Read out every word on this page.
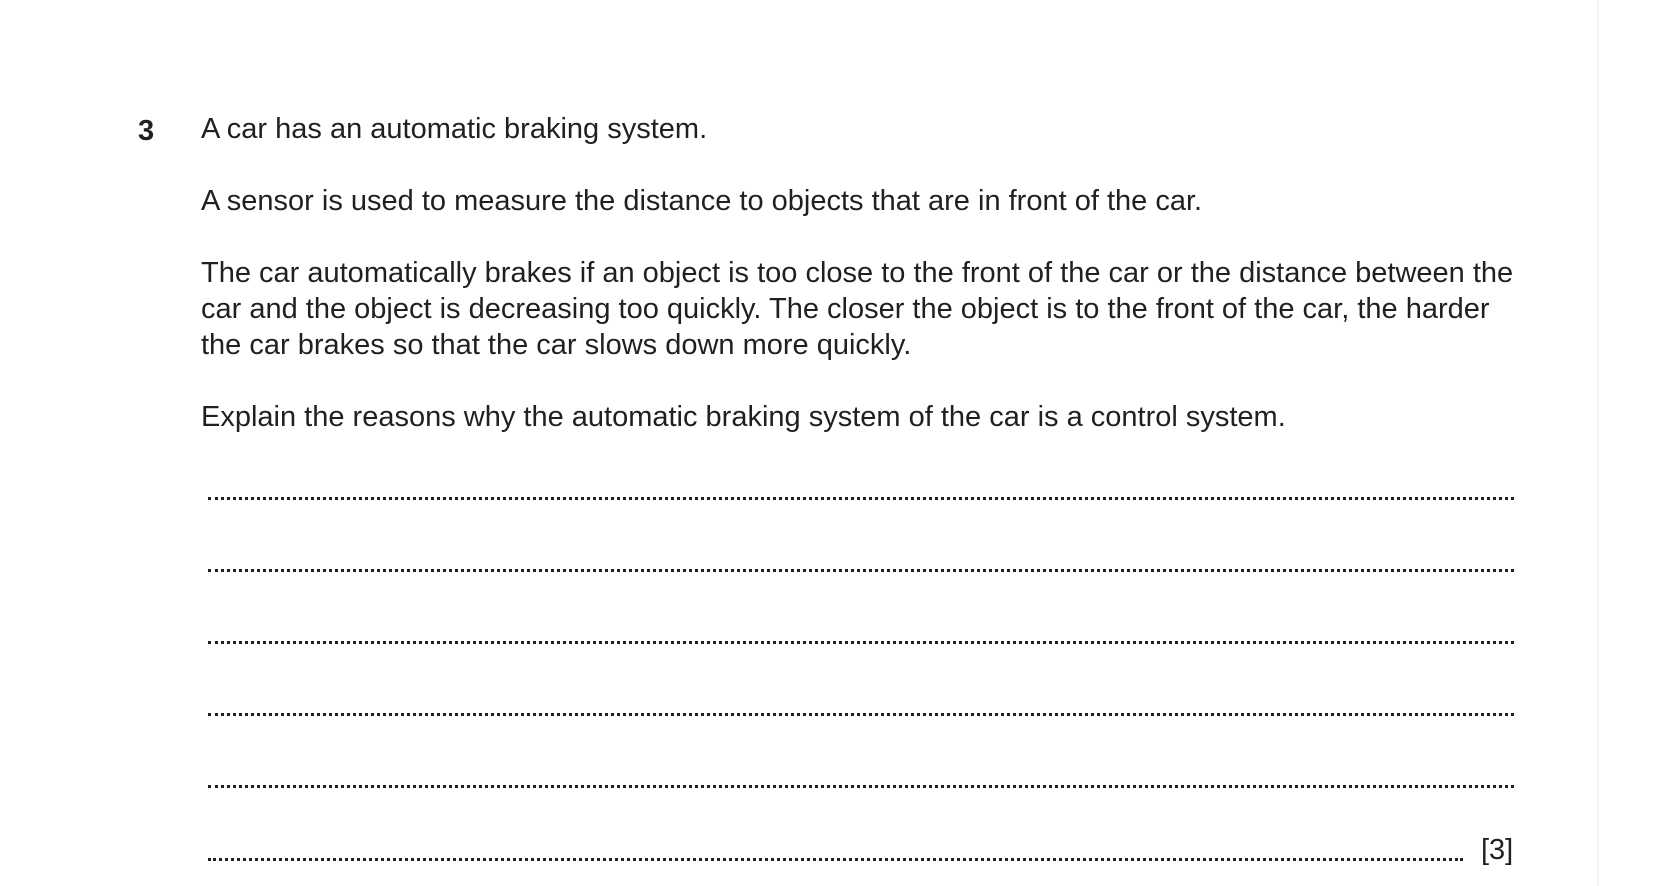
3 A car has an automatic braking system.

A sensor is used to measure the distance to objects that are in front of the car.

The car automatically brakes if an object is too close to the front of the car or the distance between the car and the object is decreasing too quickly. The closer the object is to the front of the car, the harder the car brakes so that the car slows down more quickly.

Explain the reasons why the automatic braking system of the car is a control system.

[3]
